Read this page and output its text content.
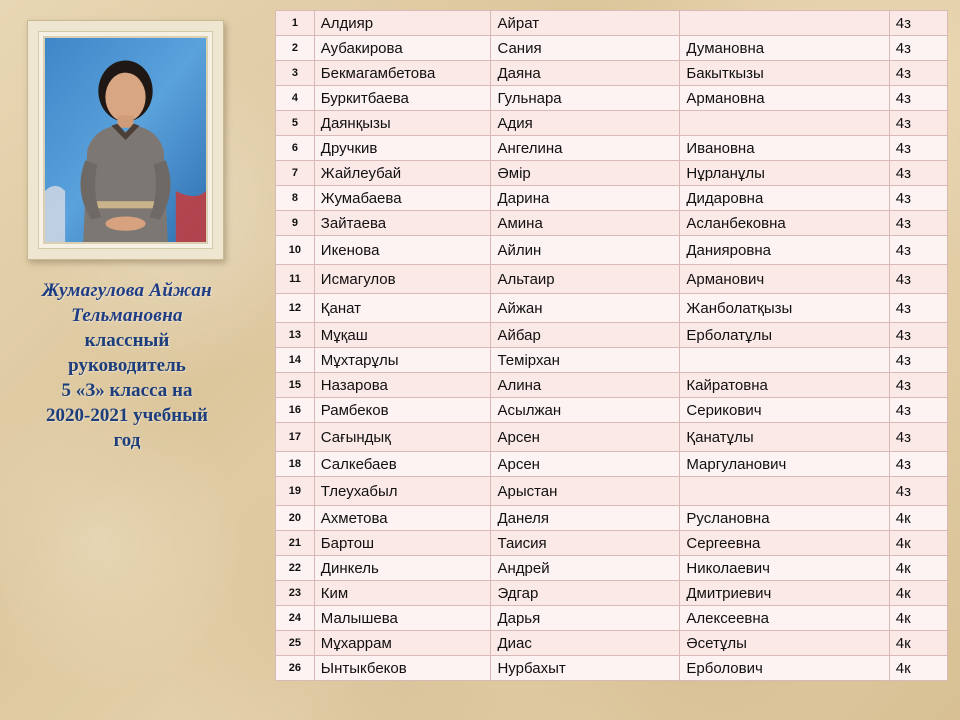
Жумагулова Айжан
Тельмановна
классный
руководитель
5 «З» класса на
2020-2021 учебный
год
1	Алдияр	Айрат		4з
2	Аубакирова	Сания	Думановна	4з
3	Бекмагамбетова	Даяна	Бакыткызы	4з
4	Буркитбаева	Гульнара	Армановна	4з
5	Даянқызы	Адия		4з
6	Дручкив	Ангелина	Ивановна	4з
7	Жайлеубай	Әмір	Нұрланұлы	4з
8	Жумабаева	Дарина	Дидаровна	4з
9	Зайтаева	Амина	Асланбековна	4з
10	Икенова	Айлин	Данияровна	4з
11	Исмагулов	Альтаир	Арманович	4з
12	Қанат	Айжан	Жанболатқызы	4з
13	Мұқаш	Айбар	Ерболатұлы	4з
14	Мұхтарұлы	Темірхан		4з
15	Назарова	Алина	Кайратовна	4з
16	Рамбеков	Асылжан	Серикович	4з
17	Сағындық	Арсен	Қанатұлы	4з
18	Салкебаев	Арсен	Маргуланович	4з
19	Тлеухабыл	Арыстан		4з
20	Ахметова	Данеля	Руслановна	4к
21	Бартош	Таисия	Сергеевна	4к
22	Динкель	Андрей	Николаевич	4к
23	Ким	Эдгар	Дмитриевич	4к
24	Малышева	Дарья	Алексеевна	4к
25	Мұхаррам	Диас	Әсетұлы	4к
26	Ынтыкбеков	Нурбахыт	Ерболович	4к
